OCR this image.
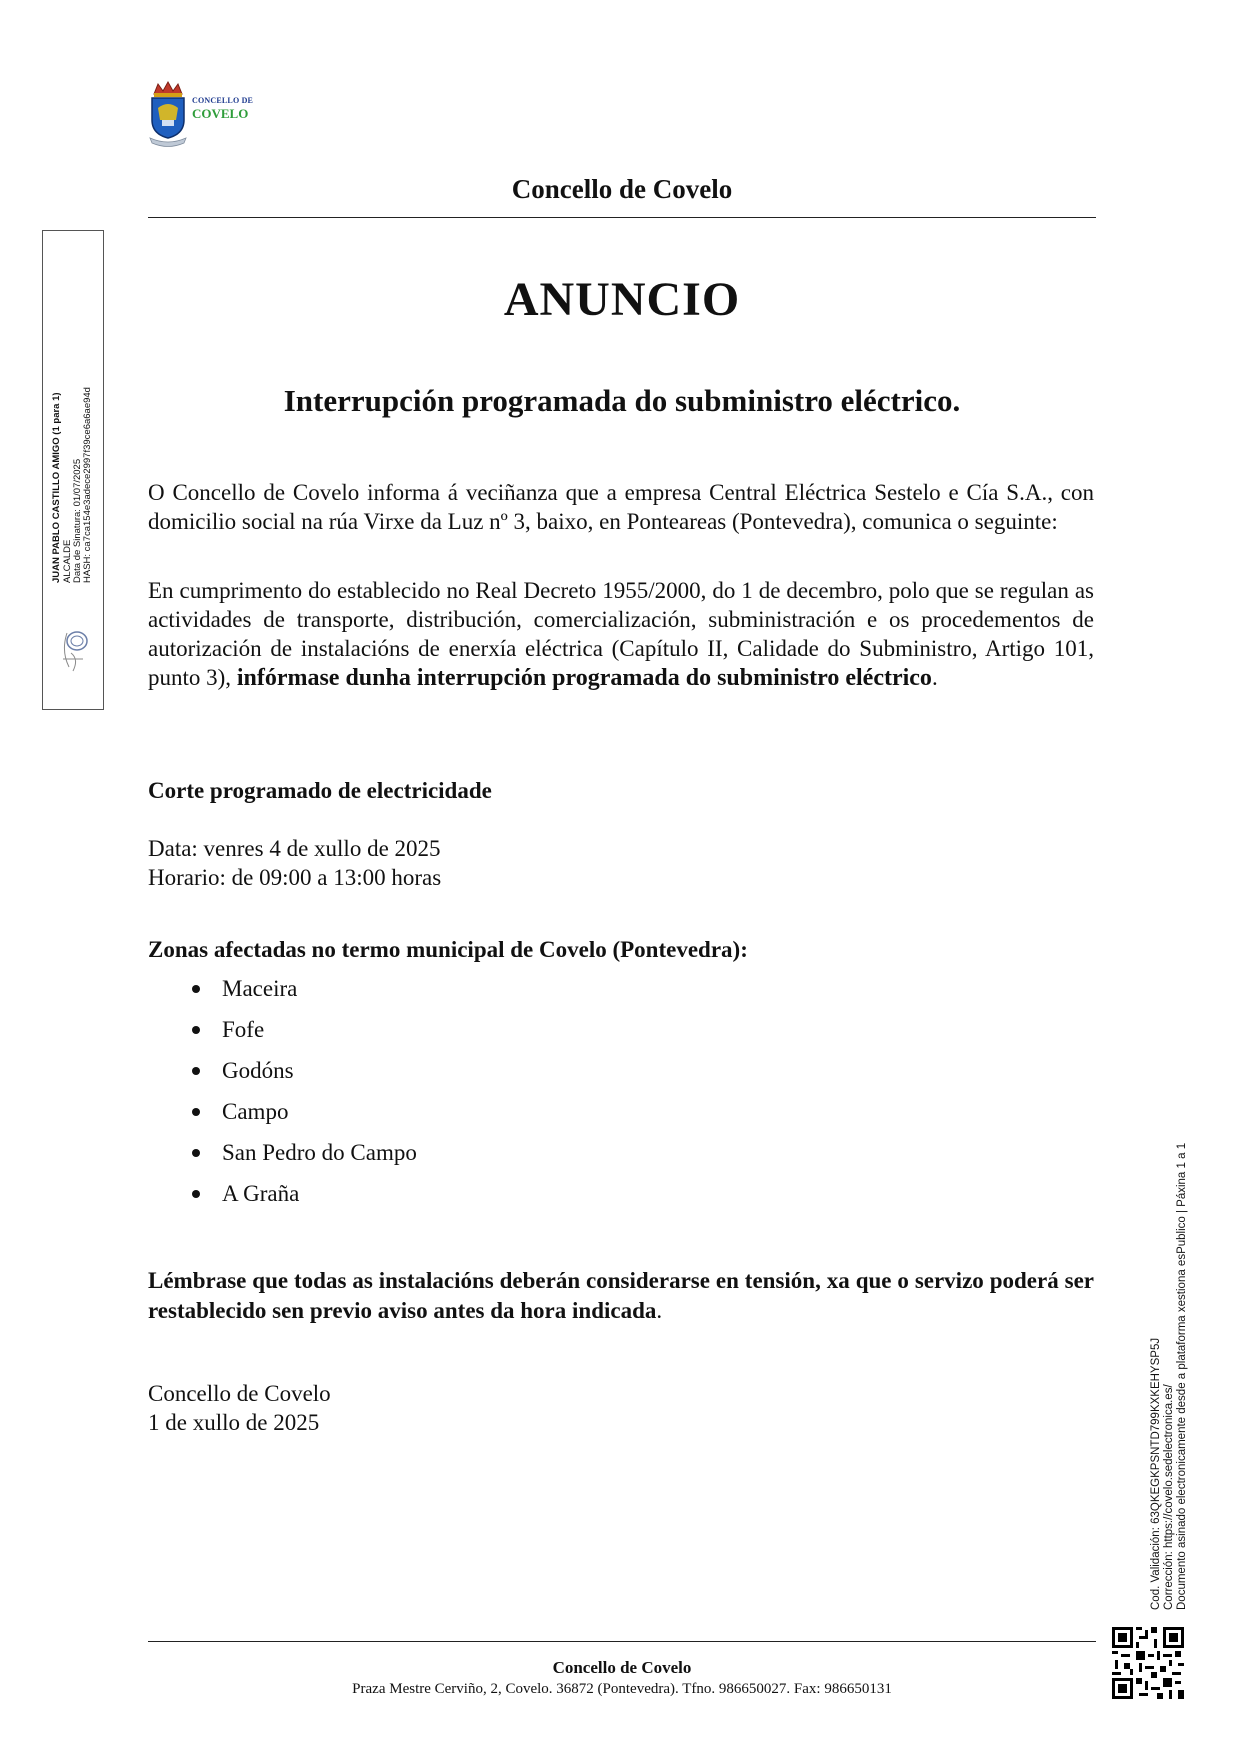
CONCELLO DE
COVELO
Concello de Covelo
JUAN PABLO CASTILLO AMIGO (1 para 1) ALCALDE Data de Sinatura: 01/07/2025 HASH: ca7ca154e3adece2997f39ce6a6ae94d
ANUNCIO
Interrupción programada do subministro eléctrico.
O Concello de Covelo informa á veciñanza que a empresa Central Eléctrica Sestelo e Cía S.A., con domicilio social na rúa Virxe da Luz nº 3, baixo, en Ponteareas (Pontevedra), comunica o seguinte:
En cumprimento do establecido no Real Decreto 1955/2000, do 1 de decembro, polo que se regulan as actividades de transporte, distribución, comercialización, subministración e os procedementos de autorización de instalacións de enerxía eléctrica (Capítulo II, Calidade do Subministro, Artigo 101, punto 3), infórmase dunha interrupción programada do subministro eléctrico.
Corte programado de electricidade
Data: venres 4 de xullo de 2025
Horario: de 09:00 a 13:00 horas
Zonas afectadas no termo municipal de Covelo (Pontevedra):
Maceira
Fofe
Godóns
Campo
San Pedro do Campo
A Graña
Lémbrase que todas as instalacións deberán considerarse en tensión, xa que o servizo poderá ser restablecido sen previo aviso antes da hora indicada.
Concello de Covelo
1 de xullo de 2025	Cod. Validación: 63QKEGKPSNTD799KXKEHYSP5J Corrección: https://covelo.sedelectronica.es/ Documento asinado electronicamente desde a plataforma xestiona esPublico | Páxina 1 a 1
Concello de Covelo
Praza Mestre Cerviño, 2, Covelo. 36872 (Pontevedra). Tfno. 986650027. Fax: 986650131
